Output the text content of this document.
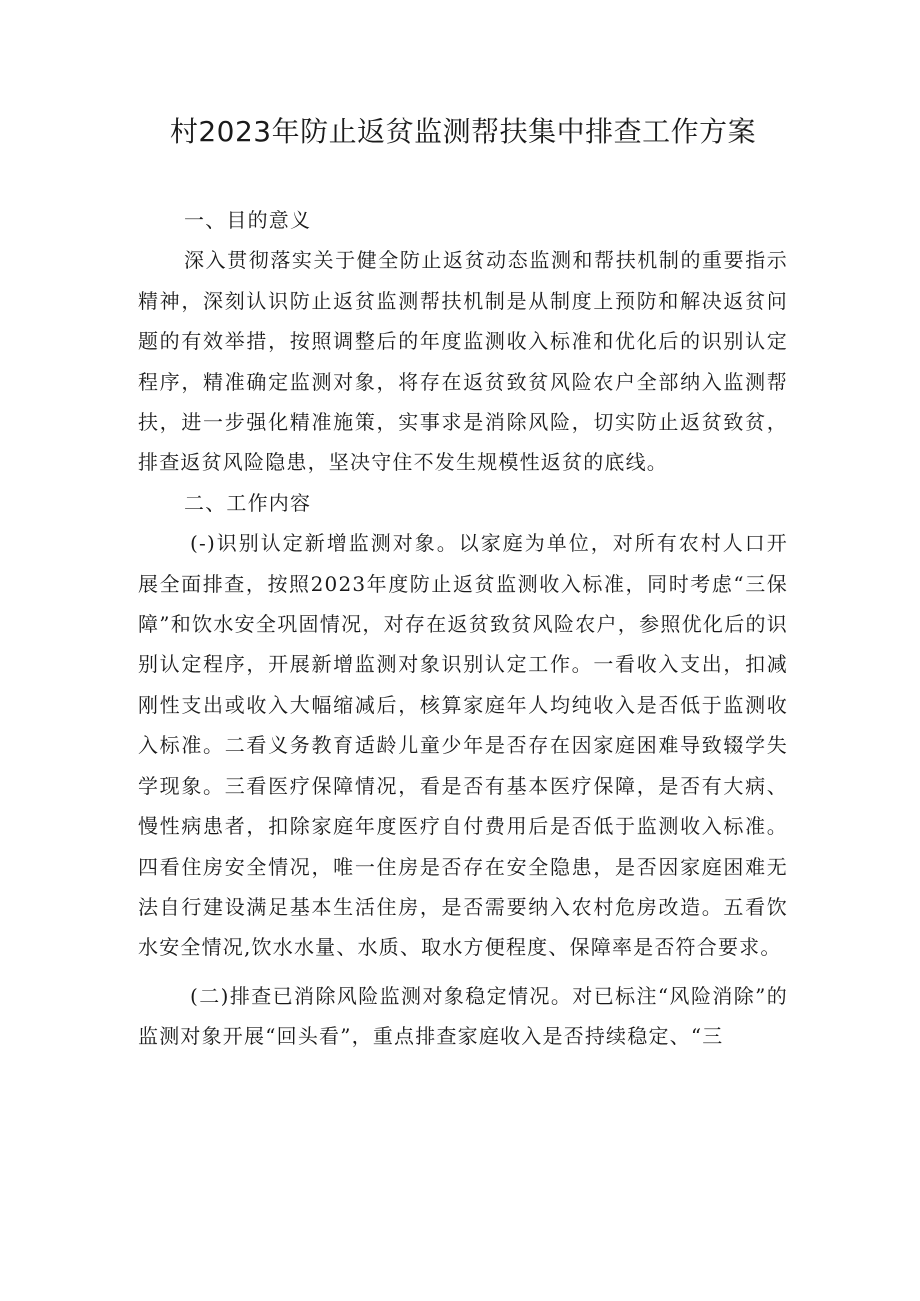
村2023年防止返贫监测帮扶集中排查工作方案

一、目的意义

深入贯彻落实关于健全防止返贫动态监测和帮扶机制的重要指示精神，深刻认识防止返贫监测帮扶机制是从制度上预防和解决返贫问题的有效举措，按照调整后的年度监测收入标准和优化后的识别认定程序，精准确定监测对象，将存在返贫致贫风险农户全部纳入监测帮扶，进一步强化精准施策，实事求是消除风险，切实防止返贫致贫，排查返贫风险隐患，坚决守住不发生规模性返贫的底线。

二、工作内容

(-)识别认定新增监测对象。以家庭为单位，对所有农村人口开展全面排查，按照2023年度防止返贫监测收入标准，同时考虑“三保障”和饮水安全巩固情况，对存在返贫致贫风险农户，参照优化后的识别认定程序，开展新增监测对象识别认定工作。一看收入支出，扣减刚性支出或收入大幅缩减后，核算家庭年人均纯收入是否低于监测收入标准。二看义务教育适龄儿童少年是否存在因家庭困难导致辍学失学现象。三看医疗保障情况，看是否有基本医疗保障，是否有大病、慢性病患者，扣除家庭年度医疗自付费用后是否低于监测收入标准。四看住房安全情况，唯一住房是否存在安全隐患，是否因家庭困难无法自行建设满足基本生活住房，是否需要纳入农村危房改造。五看饮水安全情况,饮水水量、水质、取水方便程度、保障率是否符合要求。

(二)排查已消除风险监测对象稳定情况。对已标注“风险消除”的监测对象开展“回头看”，重点排查家庭收入是否持续稳定、“三
